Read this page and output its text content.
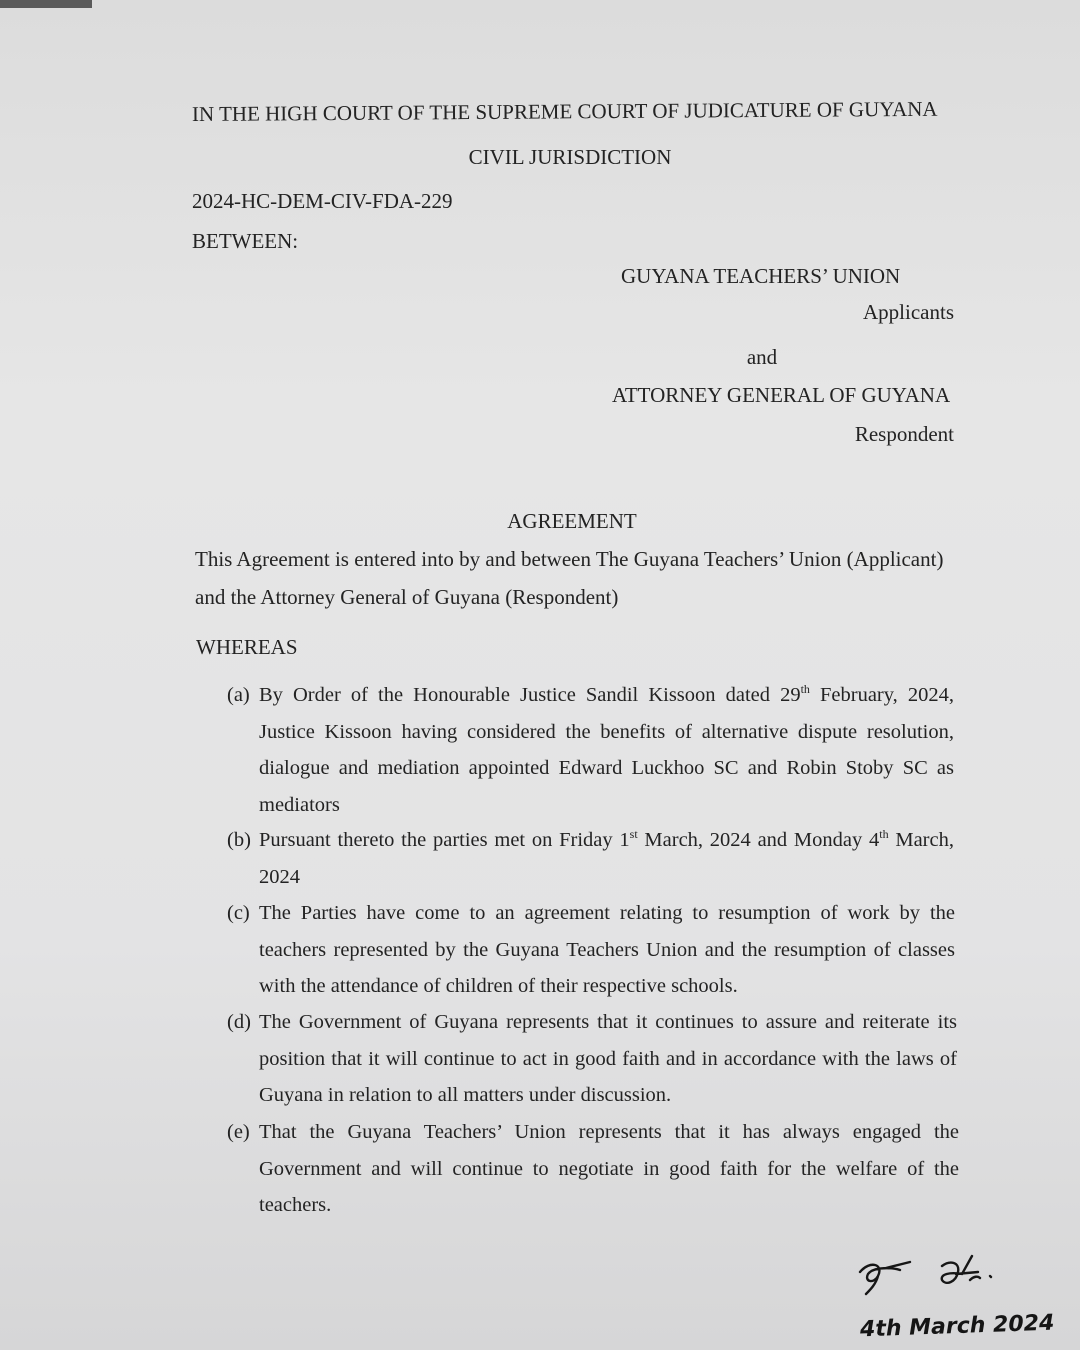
IN THE HIGH COURT OF THE SUPREME COURT OF JUDICATURE OF GUYANA
CIVIL JURISDICTION
2024-HC-DEM-CIV-FDA-229
BETWEEN:
GUYANA TEACHERS’ UNION
Applicants
and
ATTORNEY GENERAL OF GUYANA
Respondent
AGREEMENT
This Agreement is entered into by and between The Guyana Teachers’ Union (Applicant)
and the Attorney General of Guyana (Respondent)
WHEREAS
(a) By Order of the Honourable Justice Sandil Kissoon dated 29th February, 2024, Justice Kissoon having considered the benefits of alternative dispute resolution, dialogue and mediation appointed Edward Luckhoo SC and Robin Stoby SC as mediators
(b) Pursuant thereto the parties met on Friday 1st March, 2024 and Monday 4th March, 2024
(c) The Parties have come to an agreement relating to resumption of work by the teachers represented by the Guyana Teachers Union and the resumption of classes with the attendance of children of their respective schools.
(d) The Government of Guyana represents that it continues to assure and reiterate its position that it will continue to act in good faith and in accordance with the laws of Guyana in relation to all matters under discussion.
(e) That the Guyana Teachers’ Union represents that it has always engaged the Government and will continue to negotiate in good faith for the welfare of the teachers.
4th March 2024
